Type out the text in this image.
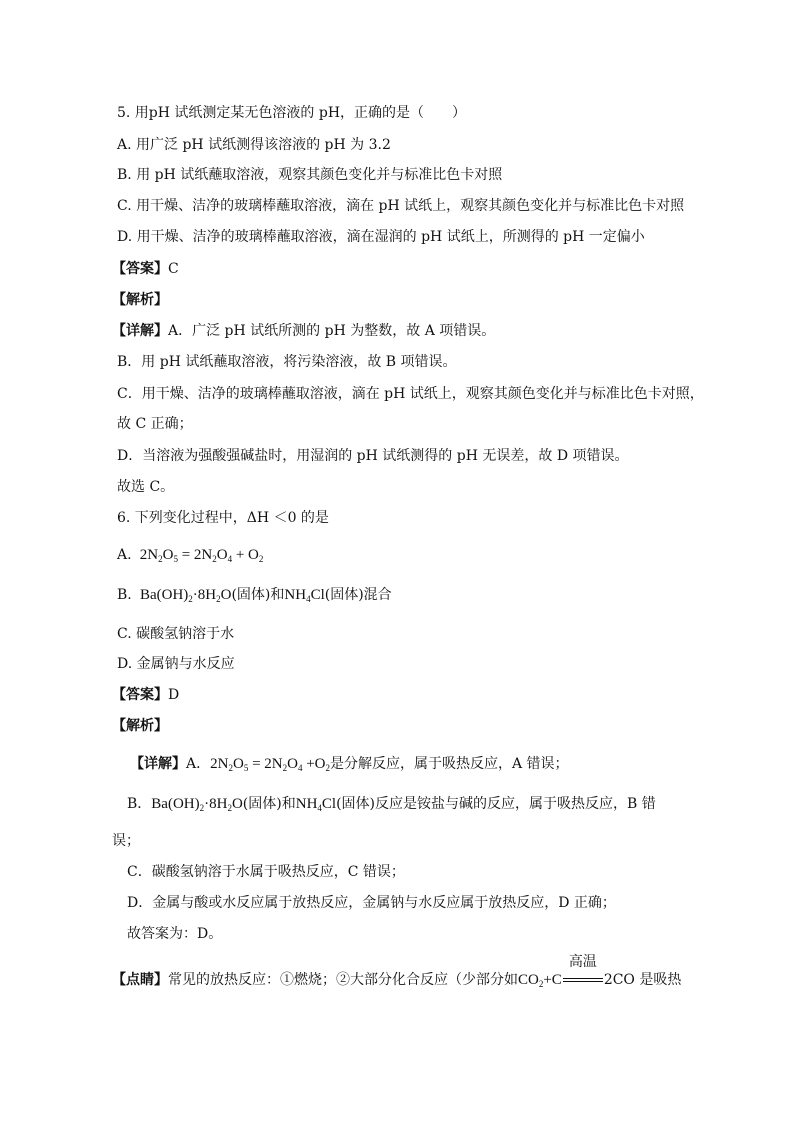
5. 用pH 试纸测定某无色溶液的 pH，正确的是（　　）
A. 用广泛 pH 试纸测得该溶液的 pH 为 3.2
B. 用 pH 试纸蘸取溶液，观察其颜色变化并与标准比色卡对照
C. 用干燥、洁净的玻璃棒蘸取溶液，滴在 pH 试纸上，观察其颜色变化并与标准比色卡对照
D. 用干燥、洁净的玻璃棒蘸取溶液，滴在湿润的 pH 试纸上，所测得的 pH 一定偏小
【答案】C
【解析】
【详解】A．广泛 pH 试纸所测的 pH 为整数，故 A 项错误。
B．用 pH 试纸蘸取溶液，将污染溶液，故 B 项错误。
C．用干燥、洁净的玻璃棒蘸取溶液，滴在 pH 试纸上，观察其颜色变化并与标准比色卡对照，
故 C 正确；
D．当溶液为强酸强碱盐时，用湿润的 pH 试纸测得的 pH 无误差，故 D 项错误。
故选 C。
6. 下列变化过程中，ΔH ＜0 的是
A.  $2N_2O_5 = 2N_2O_4 + O_2$
B.  $Ba(OH)_2\cdot 8H_2O$(固体)和$NH_4Cl$(固体)混合
C. 碳酸氢钠溶于水
D. 金属钠与水反应
【答案】D
【解析】
【详解】A．$2N_2O_5 = 2N_2O_4 +O_2$是分解反应，属于吸热反应，A 错误；
B．$Ba(OH)_2\cdot 8H_2O$(固体)和$NH_4Cl$(固体)反应是铵盐与碱的反应，属于吸热反应，B 错
误；
C．碳酸氢钠溶于水属于吸热反应，C 错误；
D．金属与酸或水反应属于放热反应，金属钠与水反应属于放热反应，D 正确；
故答案为：D。
【点睛】常见的放热反应：①燃烧；②大部分化合反应（少部分如$CO_2+C$
高温
2CO 是吸热
